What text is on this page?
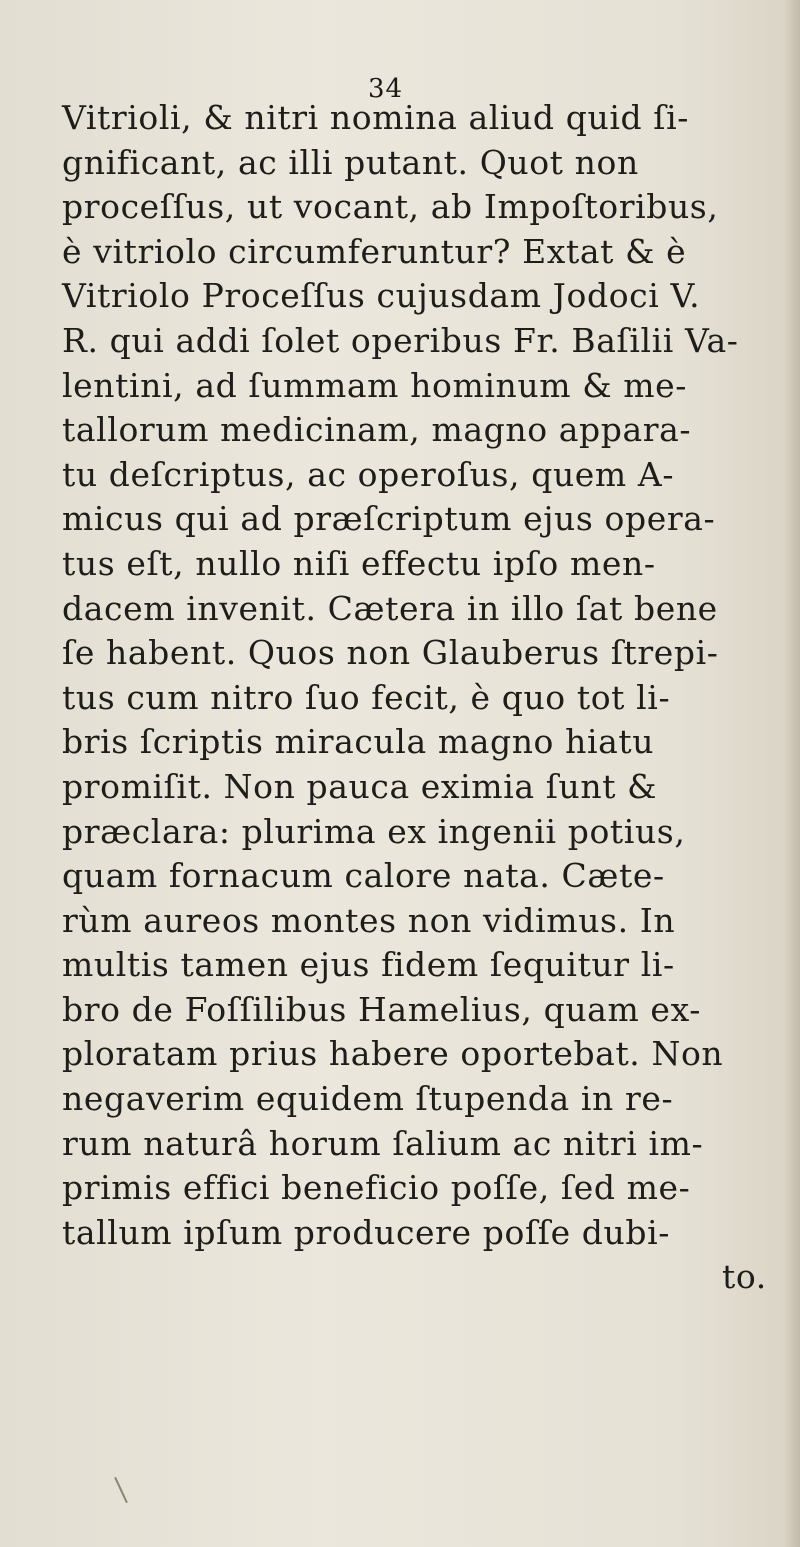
34
Vitrioli, & nitri nomina aliud quid ſi-
gnificant, ac illi putant. Quot non
proceſſus, ut vocant, ab Impoſtoribus,
è vitriolo circumferuntur? Extat & è
Vitriolo Proceſſus cujusdam Jodoci V.
R. qui addi ſolet operibus Fr. Baſilii Va-
lentini, ad ſummam hominum & me-
tallorum medicinam, magno appara-
tu deſcriptus, ac operoſus, quem A-
micus qui ad præſcriptum ejus opera-
tus eſt, nullo niſi effectu ipſo men-
dacem invenit. Cætera in illo ſat bene
ſe habent. Quos non Glauberus ſtrepi-
tus cum nitro ſuo fecit, è quo tot li-
bris ſcriptis miracula magno hiatu
promiſit. Non pauca eximia ſunt &
præclara: plurima ex ingenii potius,
quam fornacum calore nata. Cæte-
rùm aureos montes non vidimus. In
multis tamen ejus fidem ſequitur li-
bro de Foſſilibus Hamelius, quam ex-
ploratam prius habere oportebat. Non
negaverim equidem ſtupenda in re-
rum naturâ horum ſalium ac nitri im-
primis effici beneficio poſſe, ſed me-
tallum ipſum producere poſſe dubi-
to.
